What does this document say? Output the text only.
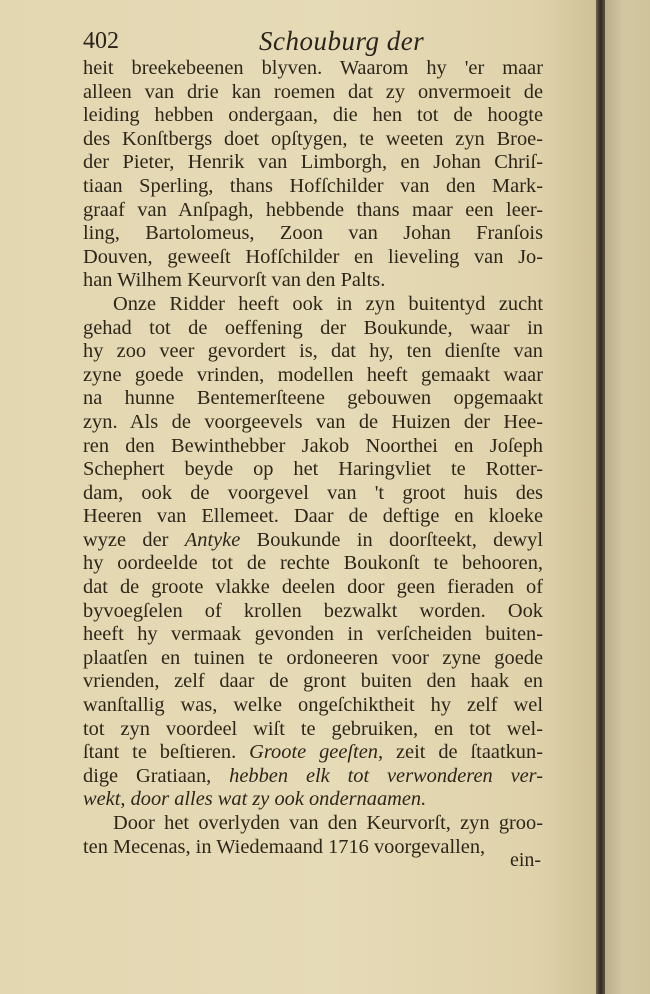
402	Schouburg der
heit breekebeenen blyven. Waarom hy 'er maar
alleen van drie kan roemen dat zy onvermoeit de
leiding hebben ondergaan, die hen tot de hoogte
des Konſtbergs doet opſtygen, te weeten zyn Broe-
der Pieter, Henrik van Limborgh, en Johan Chriſ-
tiaan Sperling, thans Hofſchilder van den Mark-
graaf van Anſpagh, hebbende thans maar een leer-
ling, Bartolomeus, Zoon van Johan Franſois
Douven, geweeſt Hofſchilder en lieveling van Jo-
han Wilhem Keurvorſt van den Palts.
Onze Ridder heeft ook in zyn buitentyd zucht
gehad tot de oeffening der Boukunde, waar in
hy zoo veer gevordert is, dat hy, ten dienſte van
zyne goede vrinden, modellen heeft gemaakt waar
na hunne Bentemerſteene gebouwen opgemaakt
zyn. Als de voorgeevels van de Huizen der Hee-
ren den Bewinthebber Jakob Noorthei en Joſeph
Schephert beyde op het Haringvliet te Rotter-
dam, ook de voorgevel van 't groot huis des
Heeren van Ellemeet. Daar de deftige en kloeke
wyze der Antyke Boukunde in doorſteekt, dewyl
hy oordeelde tot de rechte Boukonſt te behooren,
dat de groote vlakke deelen door geen fieraden of
byvoegſelen of krollen bezwalkt worden. Ook
heeft hy vermaak gevonden in verſcheiden buiten-
plaatſen en tuinen te ordoneeren voor zyne goede
vrienden, zelf daar de gront buiten den haak en
wanſtallig was, welke ongeſchiktheit hy zelf wel
tot zyn voordeel wiſt te gebruiken, en tot wel-
ſtant te beſtieren. Groote geeſten, zeit de ſtaatkun-
dige Gratiaan, hebben elk tot verwonderen ver-
wekt, door alles wat zy ook ondernaamen.
Door het overlyden van den Keurvorſt, zyn groo-
ten Mecenas, in Wiedemaand 1716 voorgevallen,
ein-
